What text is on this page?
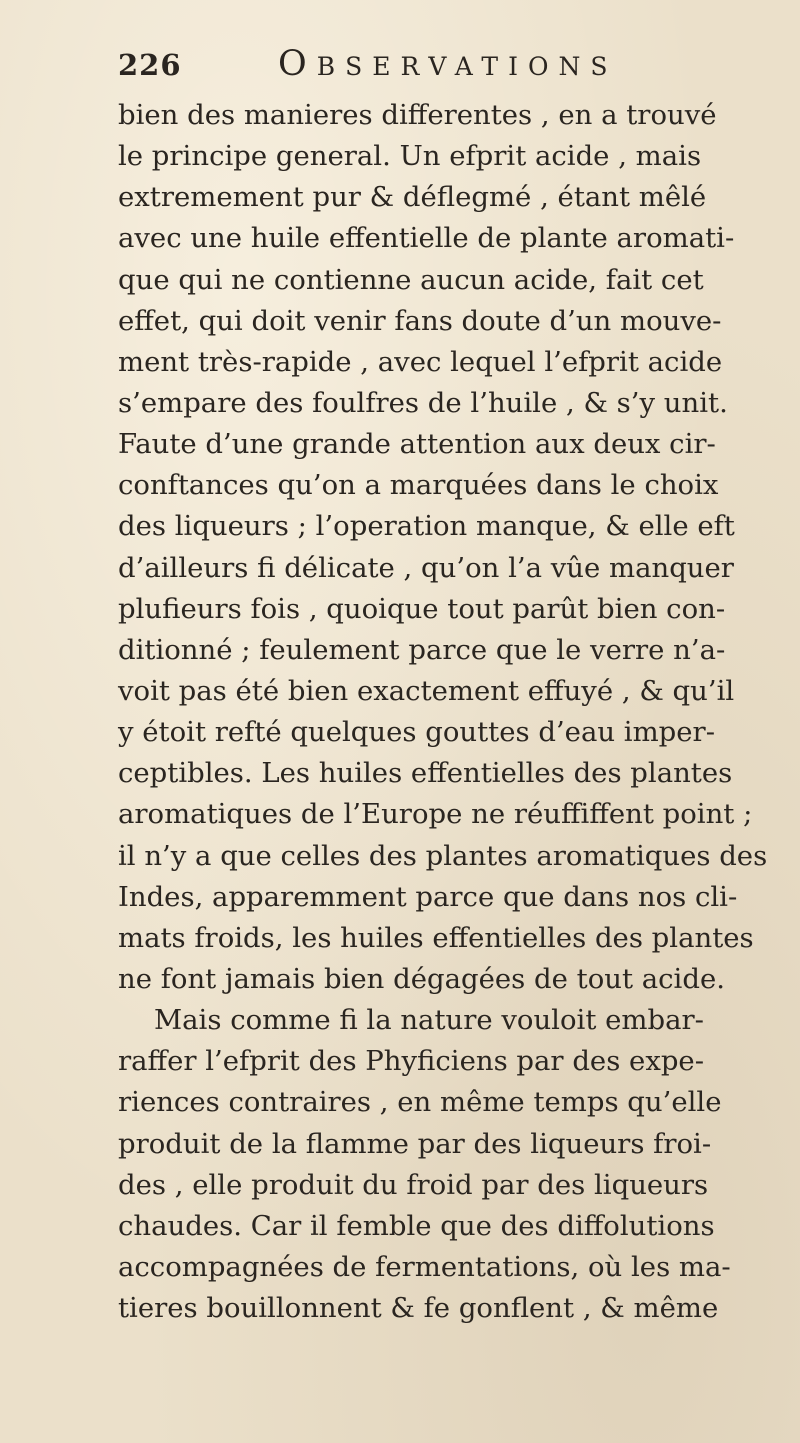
226	Observations
bien des manieres differentes , en a trouvé
le principe general. Un efprit acide , mais
extremement pur & déflegmé , étant mêlé
avec une huile effentielle de plante aromati-
que qui ne contienne aucun acide, fait cet
effet, qui doit venir fans doute d’un mouve-
ment très-rapide , avec lequel l’efprit acide
s’empare des foulfres de l’huile , & s’y unit.
Faute d’une grande attention aux deux cir-
conftances qu’on a marquées dans le choix
des liqueurs ; l’operation manque, & elle eft
d’ailleurs fi délicate , qu’on l’a vûe manquer
plufieurs fois , quoique tout parût bien con-
ditionné ; feulement parce que le verre n’a-
voit pas été bien exactement effuyé , & qu’il
y étoit refté quelques gouttes d’eau imper-
ceptibles. Les huiles effentielles des plantes
aromatiques de l’Europe ne réuffiffent point ;
il n’y a que celles des plantes aromatiques des
Indes, apparemment parce que dans nos cli-
mats froids, les huiles effentielles des plantes
ne font jamais bien dégagées de tout acide.
Mais comme fi la nature vouloit embar-
raffer l’efprit des Phyficiens par des expe-
riences contraires , en même temps qu’elle
produit de la flamme par des liqueurs froi-
des , elle produit du froid par des liqueurs
chaudes. Car il femble que des diffolutions
accompagnées de fermentations, où les ma-
tieres bouillonnent & fe gonflent , & même
